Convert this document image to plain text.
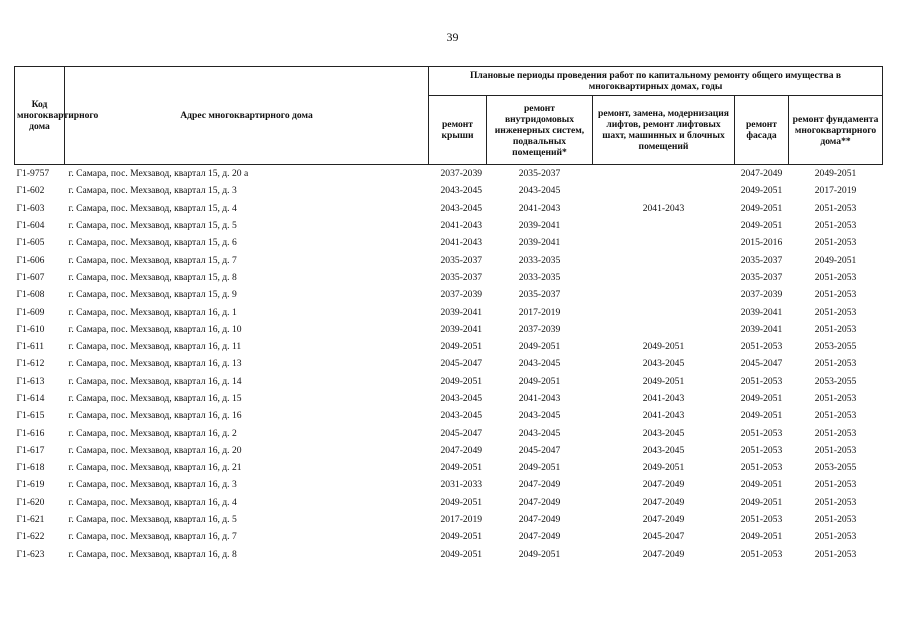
39
Код многоквартирного дома	Адрес многоквартирного дома	Плановые периоды проведения работ по капитальному ремонту общего имущества в многоквартирных домах, годы				
		ремонт крыши	ремонт внутридомовых инженерных систем, подвальных помещений*	ремонт, замена, модернизация лифтов, ремонт лифтовых шахт, машинных и блочных помещений	ремонт фасада	ремонт фундамента многоквартирного дома**
Г1-9757	г. Самара, пос. Мехзавод, квартал 15, д. 20 а	2037-2039	2035-2037		2047-2049	2049-2051
Г1-602	г. Самара, пос. Мехзавод, квартал 15, д. 3	2043-2045	2043-2045		2049-2051	2017-2019
Г1-603	г. Самара, пос. Мехзавод, квартал 15, д. 4	2043-2045	2041-2043	2041-2043	2049-2051	2051-2053
Г1-604	г. Самара, пос. Мехзавод, квартал 15, д. 5	2041-2043	2039-2041		2049-2051	2051-2053
Г1-605	г. Самара, пос. Мехзавод, квартал 15, д. 6	2041-2043	2039-2041		2015-2016	2051-2053
Г1-606	г. Самара, пос. Мехзавод, квартал 15, д. 7	2035-2037	2033-2035		2035-2037	2049-2051
Г1-607	г. Самара, пос. Мехзавод, квартал 15, д. 8	2035-2037	2033-2035		2035-2037	2051-2053
Г1-608	г. Самара, пос. Мехзавод, квартал 15, д. 9	2037-2039	2035-2037		2037-2039	2051-2053
Г1-609	г. Самара, пос. Мехзавод, квартал 16, д. 1	2039-2041	2017-2019		2039-2041	2051-2053
Г1-610	г. Самара, пос. Мехзавод, квартал 16, д. 10	2039-2041	2037-2039		2039-2041	2051-2053
Г1-611	г. Самара, пос. Мехзавод, квартал 16, д. 11	2049-2051	2049-2051	2049-2051	2051-2053	2053-2055
Г1-612	г. Самара, пос. Мехзавод, квартал 16, д. 13	2045-2047	2043-2045	2043-2045	2045-2047	2051-2053
Г1-613	г. Самара, пос. Мехзавод, квартал 16, д. 14	2049-2051	2049-2051	2049-2051	2051-2053	2053-2055
Г1-614	г. Самара, пос. Мехзавод, квартал 16, д. 15	2043-2045	2041-2043	2041-2043	2049-2051	2051-2053
Г1-615	г. Самара, пос. Мехзавод, квартал 16, д. 16	2043-2045	2043-2045	2041-2043	2049-2051	2051-2053
Г1-616	г. Самара, пос. Мехзавод, квартал 16, д. 2	2045-2047	2043-2045	2043-2045	2051-2053	2051-2053
Г1-617	г. Самара, пос. Мехзавод, квартал 16, д. 20	2047-2049	2045-2047	2043-2045	2051-2053	2051-2053
Г1-618	г. Самара, пос. Мехзавод, квартал 16, д. 21	2049-2051	2049-2051	2049-2051	2051-2053	2053-2055
Г1-619	г. Самара, пос. Мехзавод, квартал 16, д. 3	2031-2033	2047-2049	2047-2049	2049-2051	2051-2053
Г1-620	г. Самара, пос. Мехзавод, квартал 16, д. 4	2049-2051	2047-2049	2047-2049	2049-2051	2051-2053
Г1-621	г. Самара, пос. Мехзавод, квартал 16, д. 5	2017-2019	2047-2049	2047-2049	2051-2053	2051-2053
Г1-622	г. Самара, пос. Мехзавод, квартал 16, д. 7	2049-2051	2047-2049	2045-2047	2049-2051	2051-2053
Г1-623	г. Самара, пос. Мехзавод, квартал 16, д. 8	2049-2051	2049-2051	2047-2049	2051-2053	2051-2053
